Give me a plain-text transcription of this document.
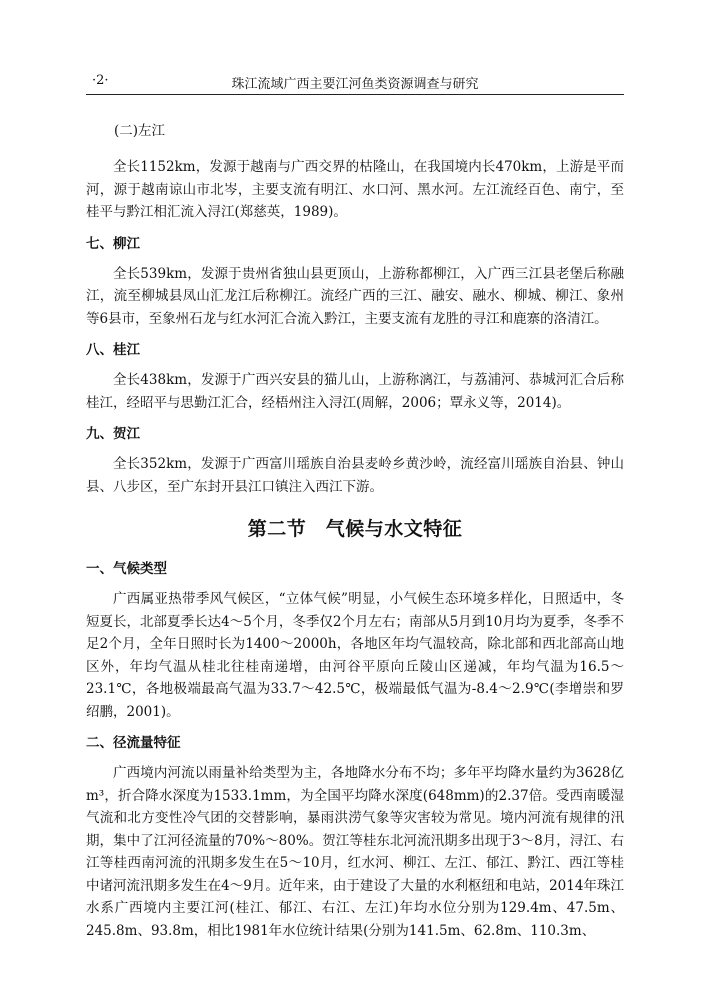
·2·	珠江流域广西主要江河鱼类资源调查与研究

(二)左江

全长1152km，发源于越南与广西交界的枯隆山，在我国境内长470km，上游是平而河，源于越南谅山市北岑，主要支流有明江、水口河、黑水河。左江流经百色、南宁，至桂平与黔江相汇流入浔江(郑慈英，1989)。

七、柳江

全长539km，发源于贵州省独山县更顶山，上游称都柳江，入广西三江县老堡后称融江，流至柳城县凤山汇龙江后称柳江。流经广西的三江、融安、融水、柳城、柳江、象州等6县市，至象州石龙与红水河汇合流入黔江，主要支流有龙胜的寻江和鹿寨的洛清江。

八、桂江

全长438km，发源于广西兴安县的猫儿山，上游称漓江，与荔浦河、恭城河汇合后称桂江，经昭平与思勤江汇合，经梧州注入浔江(周解，2006；覃永义等，2014)。

九、贺江

全长352km，发源于广西富川瑶族自治县麦岭乡黄沙岭，流经富川瑶族自治县、钟山县、八步区，至广东封开县江口镇注入西江下游。

第二节　气候与水文特征

一、气候类型

广西属亚热带季风气候区，“立体气候”明显，小气候生态环境多样化，日照适中，冬短夏长，北部夏季长达4～5个月，冬季仅2个月左右；南部从5月到10月均为夏季，冬季不足2个月，全年日照时长为1400～2000h，各地区年均气温较高，除北部和西北部高山地区外，年均气温从桂北往桂南递增，由河谷平原向丘陵山区递减，年均气温为16.5～23.1℃，各地极端最高气温为33.7～42.5℃，极端最低气温为-8.4～2.9℃(李增崇和罗绍鹏，2001)。

二、径流量特征

广西境内河流以雨量补给类型为主，各地降水分布不均；多年平均降水量约为3628亿m³，折合降水深度为1533.1mm，为全国平均降水深度(648mm)的2.37倍。受西南暖湿气流和北方变性冷气团的交替影响，暴雨洪涝气象等灾害较为常见。境内河流有规律的汛期，集中了江河径流量的70%～80%。贺江等桂东北河流汛期多出现于3～8月，浔江、右江等桂西南河流的汛期多发生在5～10月，红水河、柳江、左江、郁江、黔江、西江等桂中诸河流汛期多发生在4～9月。近年来，由于建设了大量的水利枢纽和电站，2014年珠江水系广西境内主要江河(桂江、郁江、右江、左江)年均水位分别为129.4m、47.5m、245.8m、93.8m，相比1981年水位统计结果(分别为141.5m、62.8m、110.3m、
